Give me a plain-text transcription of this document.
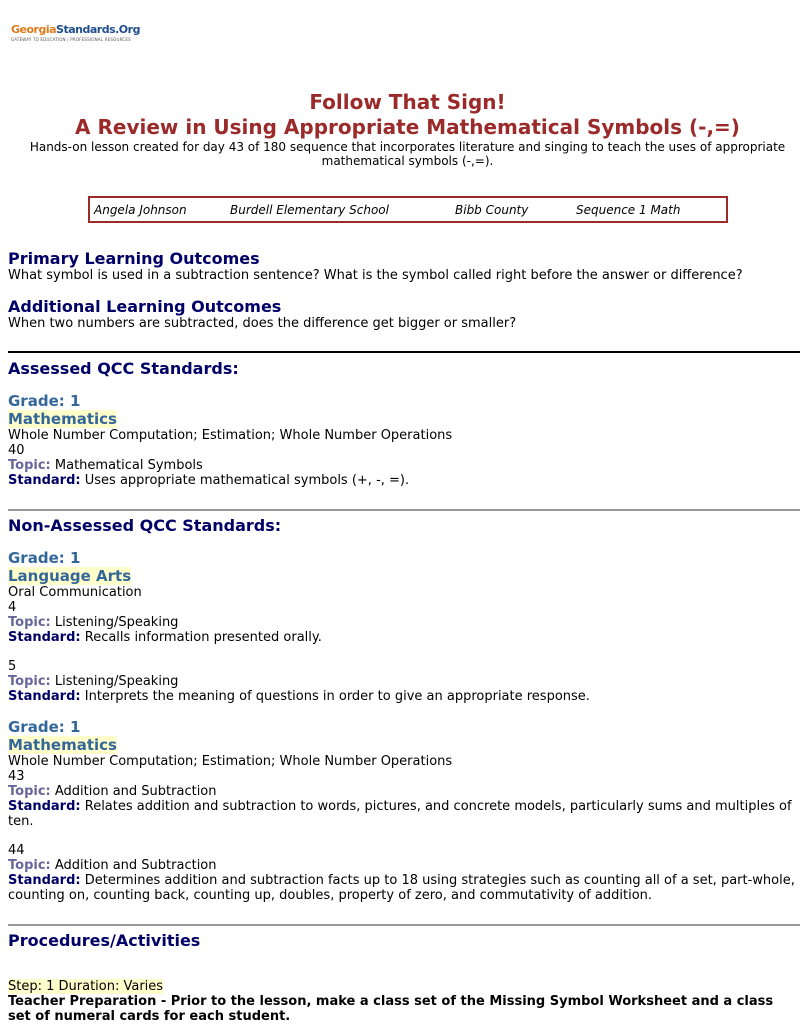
GeorgiaStandards.Org
GATEWAY TO EDUCATION | PROFESSIONAL RESOURCES
Follow That Sign!
A Review in Using Appropriate Mathematical Symbols (-,=)
Hands-on lesson created for day 43 of 180 sequence that incorporates literature and singing to teach the uses of appropriate mathematical symbols (-,=).
Angela Johnson	Burdell Elementary School	Bibb County	Sequence 1 Math
Primary Learning Outcomes
What symbol is used in a subtraction sentence? What is the symbol called right before the answer or difference?
Additional Learning Outcomes
When two numbers are subtracted, does the difference get bigger or smaller?
Assessed QCC Standards:
Grade: 1
Mathematics
Whole Number Computation; Estimation; Whole Number Operations
40
Topic: Mathematical Symbols
Standard: Uses appropriate mathematical symbols (+, -, =).
Non-Assessed QCC Standards:
Grade: 1
Language Arts
Oral Communication
4
Topic: Listening/Speaking
Standard: Recalls information presented orally.
5
Topic: Listening/Speaking
Standard: Interprets the meaning of questions in order to give an appropriate response.
Grade: 1
Mathematics
Whole Number Computation; Estimation; Whole Number Operations
43
Topic: Addition and Subtraction
Standard: Relates addition and subtraction to words, pictures, and concrete models, particularly sums and multiples of ten.
44
Topic: Addition and Subtraction
Standard: Determines addition and subtraction facts up to 18 using strategies such as counting all of a set, part-whole, counting on, counting back, counting up, doubles, property of zero, and commutativity of addition.
Procedures/Activities
Step: 1 Duration: Varies
Teacher Preparation - Prior to the lesson, make a class set of the Missing Symbol Worksheet and a class set of numeral cards for each student.
